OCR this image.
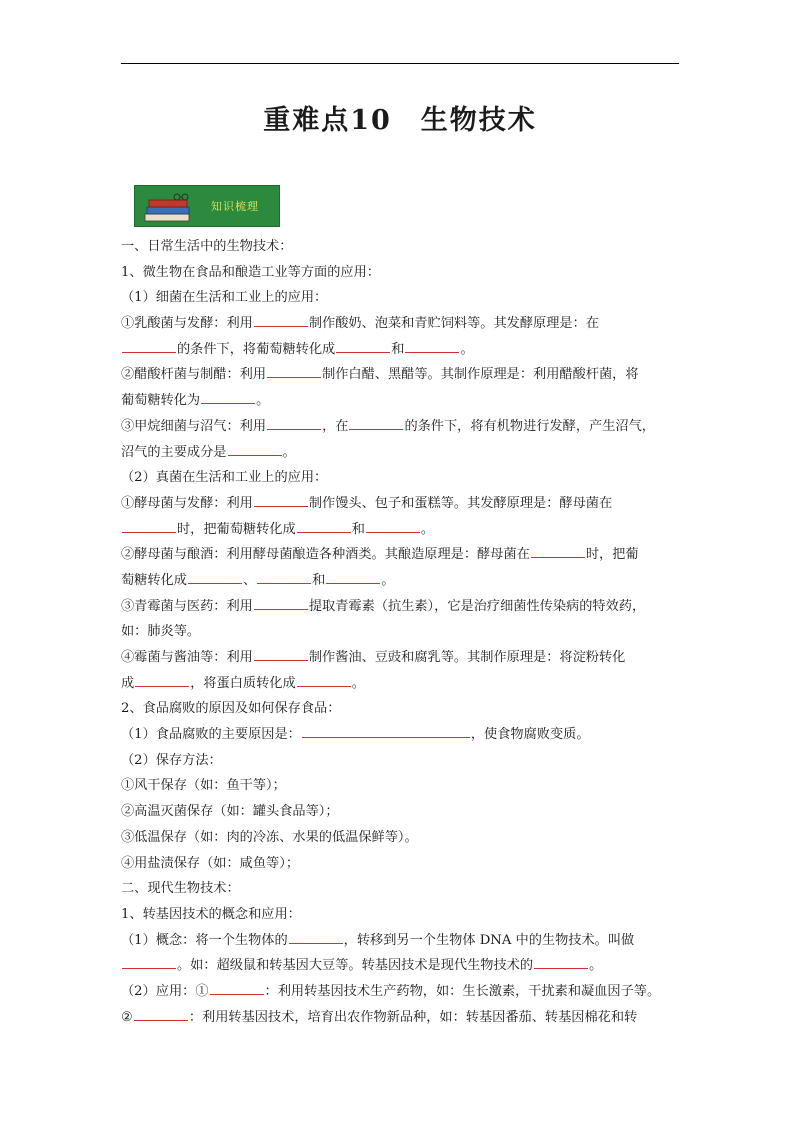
重难点10　生物技术
知识梳理
一、日常生活中的生物技术：
1、微生物在食品和酿造工业等方面的应用：
（1）细菌在生活和工业上的应用：
①乳酸菌与发酵：利用	制作酸奶、泡菜和青贮饲料等。其发酵原理是：在
的条件下，将葡萄糖转化成	和	。
②醋酸杆菌与制醋：利用	制作白醋、黑醋等。其制作原理是：利用醋酸杆菌，将
葡萄糖转化为	。
③甲烷细菌与沼气：利用	，在	的条件下，将有机物进行发酵，产生沼气，
沼气的主要成分是	。
（2）真菌在生活和工业上的应用：
①酵母菌与发酵：利用	制作馒头、包子和蛋糕等。其发酵原理是：酵母菌在
时，把葡萄糖转化成	和	。
②酵母菌与酿酒：利用酵母菌酿造各种酒类。其酿造原理是：酵母菌在	时，把葡
萄糖转化成	、	和	。
③青霉菌与医药：利用	提取青霉素（抗生素），它是治疗细菌性传染病的特效药，
如：肺炎等。
④霉菌与酱油等：利用	制作酱油、豆豉和腐乳等。其制作原理是：将淀粉转化
成	，将蛋白质转化成	。
2、食品腐败的原因及如何保存食品：
（1）食品腐败的主要原因是：	，使食物腐败变质。
（2）保存方法：
①风干保存（如：鱼干等）；
②高温灭菌保存（如：罐头食品等）；
③低温保存（如：肉的冷冻、水果的低温保鲜等）。
④用盐渍保存（如：咸鱼等）；
二、现代生物技术：
1、转基因技术的概念和应用：
（1）概念：将一个生物体的	，转移到另一个生物体 DNA 中的生物技术。叫做
。如：超级鼠和转基因大豆等。转基因技术是现代生物技术的	。
（2）应用：①	：利用转基因技术生产药物，如：生长激素，干扰素和凝血因子等。
②	：利用转基因技术，培育出农作物新品种，如：转基因番茄、转基因棉花和转
